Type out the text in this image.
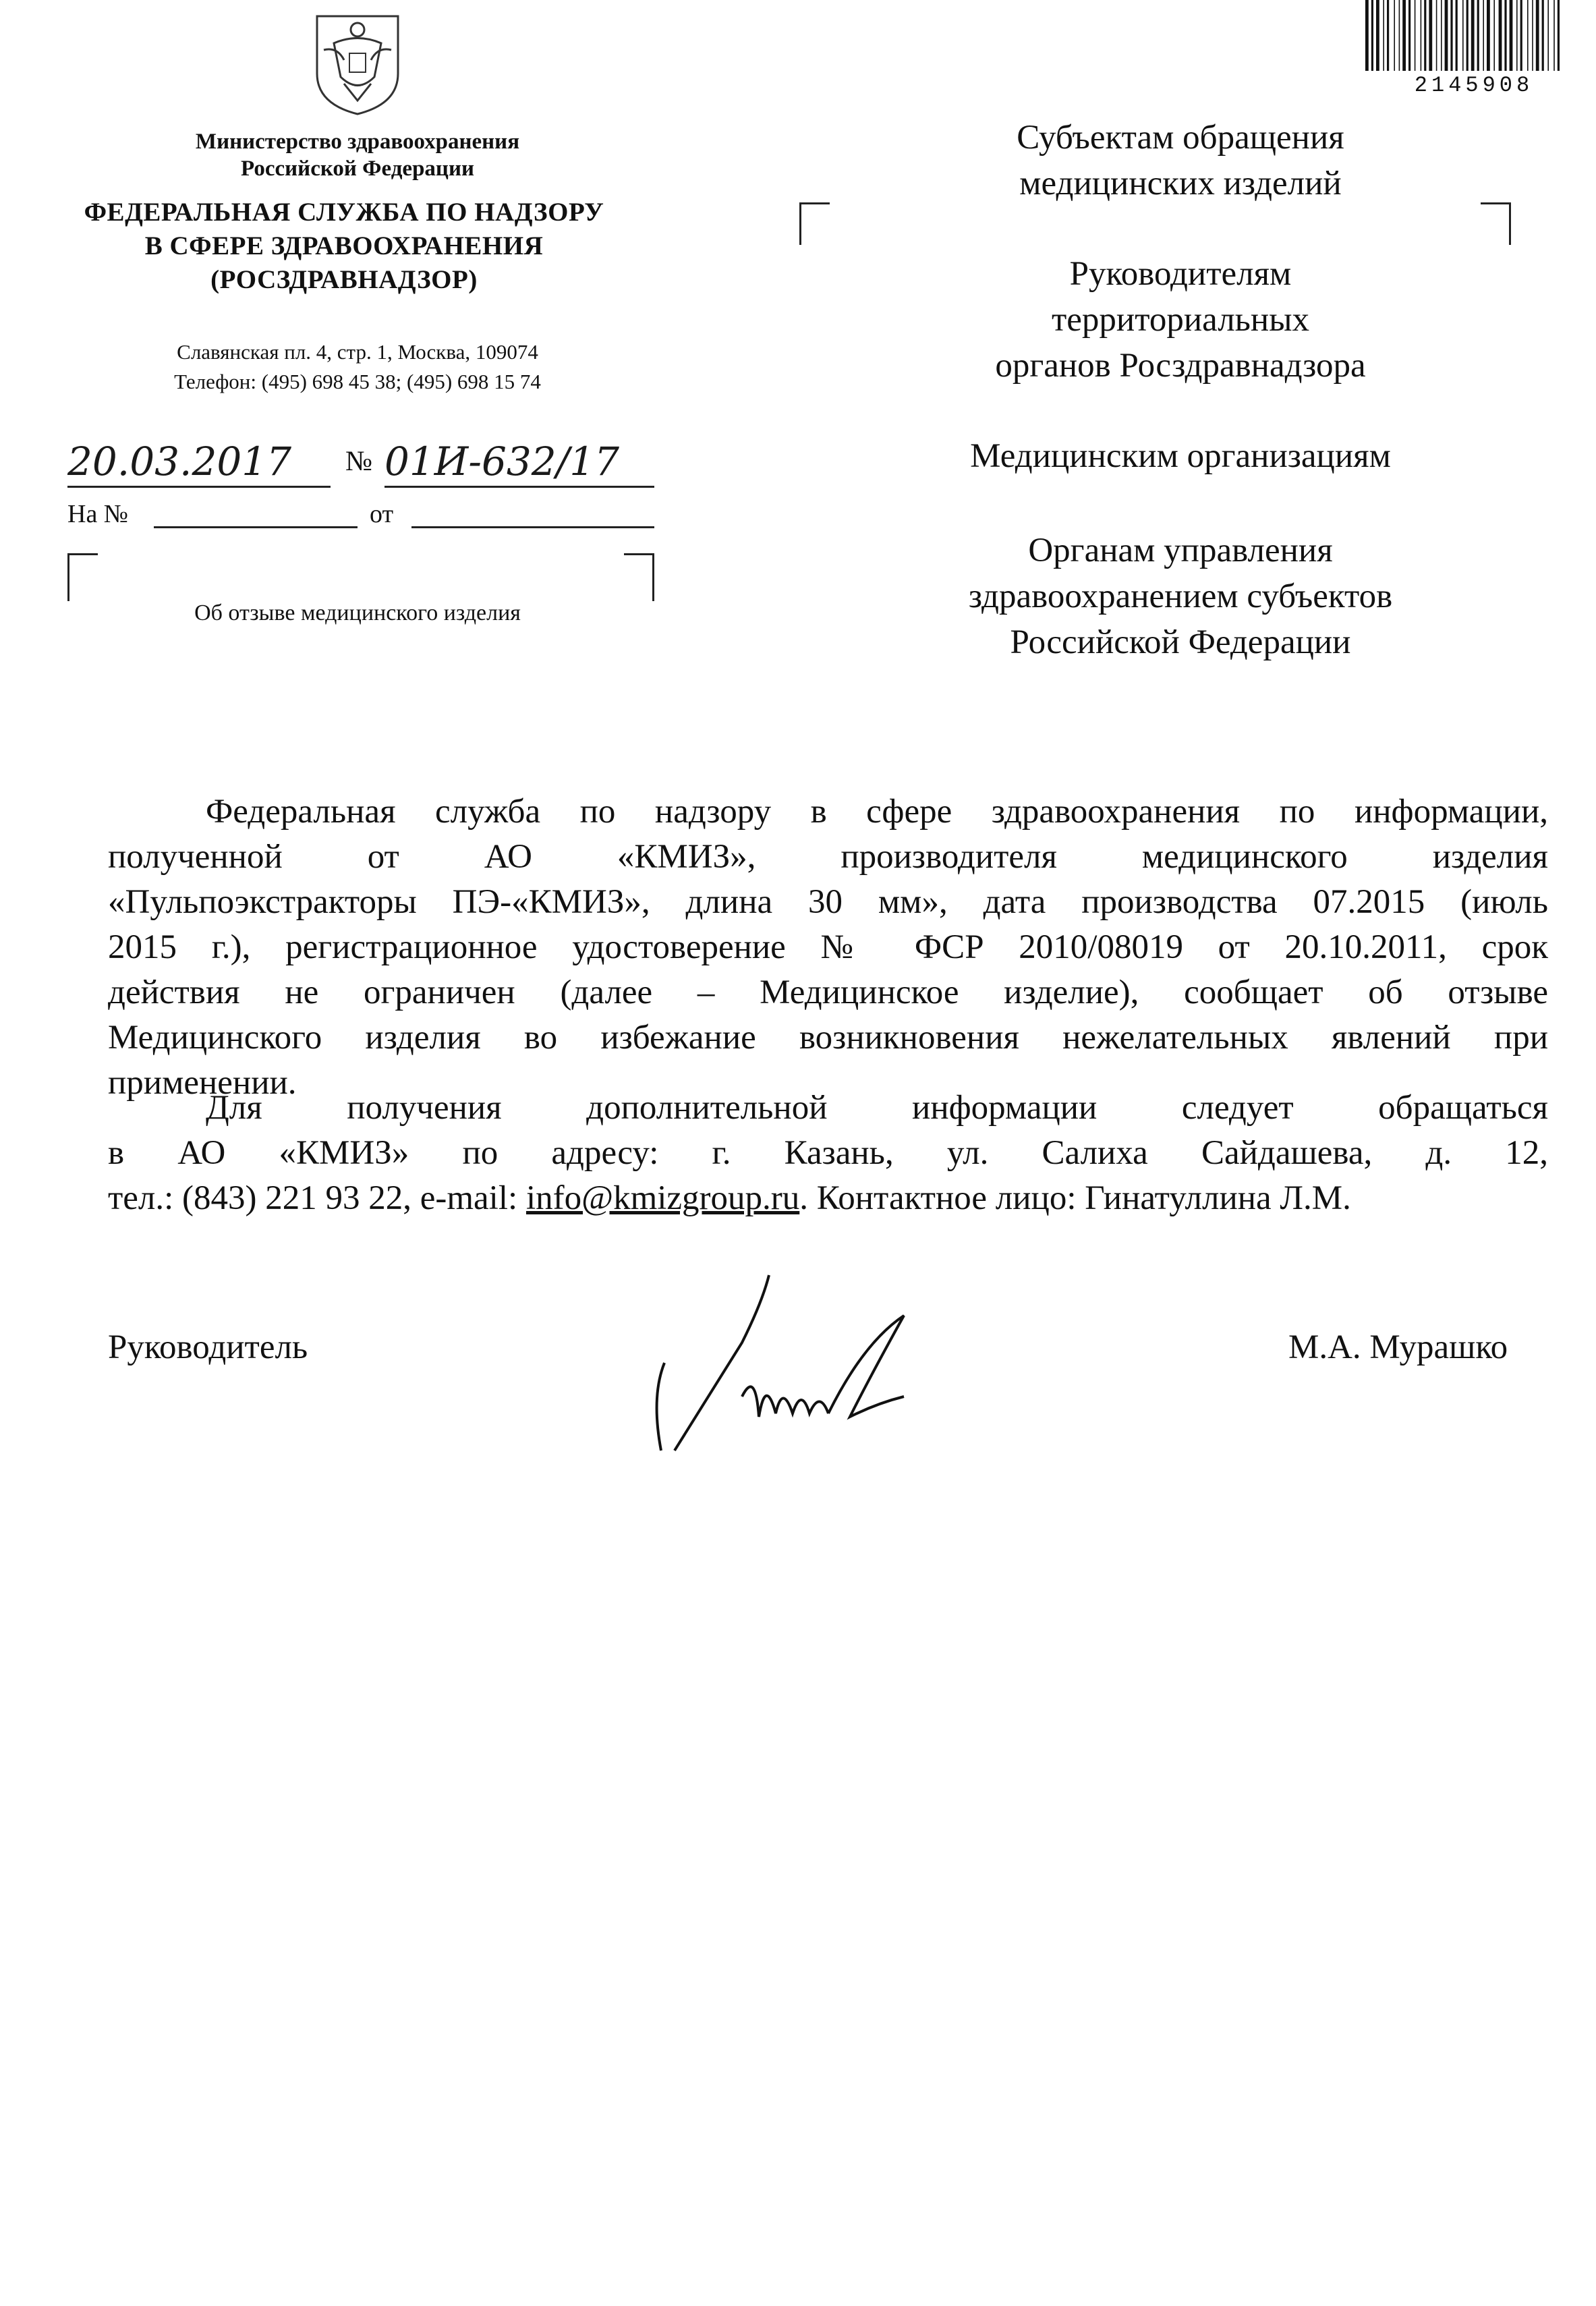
Министерство здравоохранения
Российской Федерации
ФЕДЕРАЛЬНАЯ СЛУЖБА ПО НАДЗОРУ
В СФЕРЕ ЗДРАВООХРАНЕНИЯ
(РОСЗДРАВНАДЗОР)
Славянская пл. 4, стр. 1, Москва, 109074
Телефон: (495) 698 45 38; (495) 698 15 74
20.03.2017	№ 01И-632/17
На №	от
Об отзыве медицинского изделия
2145908
Субъектам обращения
медицинских изделий
Руководителям
территориальных
органов Росздравнадзора
Медицинским организациям
Органам управления
здравоохранением субъектов
Российской Федерации
Федеральная служба по надзору в сфере здравоохранения по информации,
полученной от АО «КМИЗ», производителя медицинского изделия
«Пульпоэкстракторы ПЭ-«КМИЗ», длина 30 мм», дата производства 07.2015 (июль
2015 г.), регистрационное удостоверение № ФСР 2010/08019 от 20.10.2011, срок
действия не ограничен (далее – Медицинское изделие), сообщает об отзыве
Медицинского изделия во избежание возникновения нежелательных явлений при
применении.
Для получения дополнительной информации следует обращаться
в АО «КМИЗ» по адресу: г. Казань, ул. Салиха Сайдашева, д. 12,
тел.: (843) 221 93 22, e-mail: info@kmizgroup.ru. Контактное лицо: Гинатуллина Л.М.
Руководитель	М.А. Мурашко
